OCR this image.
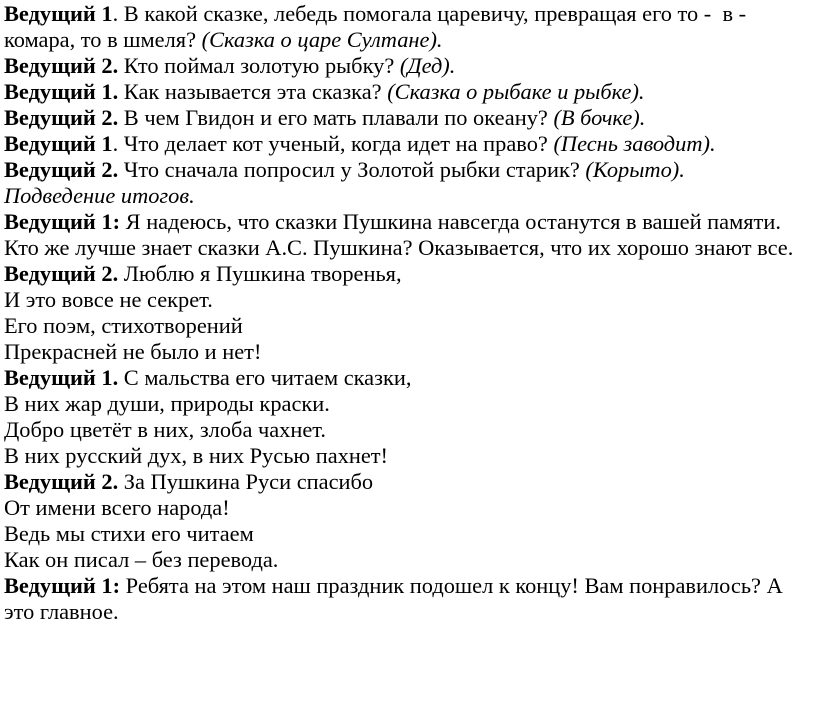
Ведущий 1. В какой сказке, лебедь помогала царевичу, превращая его то -  в -
комара, то в шмеля? (Сказка о царе Султане).
Ведущий 2. Кто поймал золотую рыбку? (Дед).
Ведущий 1. Как называется эта сказка? (Сказка о рыбаке и рыбке).
Ведущий 2. В чем Гвидон и его мать плавали по океану? (В бочке).
Ведущий 1. Что делает кот ученый, когда идет на право? (Песнь заводит).
Ведущий 2. Что сначала попросил у Золотой рыбки старик? (Корыто).
Подведение итогов.
Ведущий 1: Я надеюсь, что сказки Пушкина навсегда останутся в вашей памяти.
Кто же лучше знает сказки А.С. Пушкина? Оказывается, что их хорошо знают все.
Ведущий 2. Люблю я Пушкина творенья,
И это вовсе не секрет.
Его поэм, стихотворений
Прекрасней не было и нет!
Ведущий 1. С мальства его читаем сказки,
В них жар души, природы краски.
Добро цветёт в них, злоба чахнет.
В них русский дух, в них Русью пахнет!
Ведущий 2. За Пушкина Руси спасибо
От имени всего народа!
Ведь мы стихи его читаем
Как он писал – без перевода.
Ведущий 1: Ребята на этом наш праздник подошел к концу! Вам понравилось? А
это главное.
